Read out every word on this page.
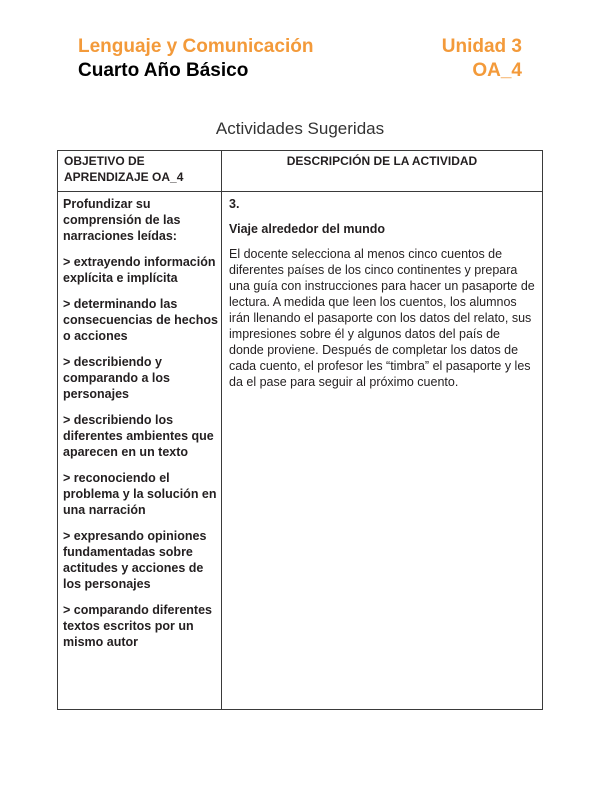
Lenguaje y Comunicación
Cuarto Año Básico
Unidad 3
OA_4
Actividades Sugeridas
OBJETIVO DE APRENDIZAJE OA_4
DESCRIPCIÓN DE LA ACTIVIDAD

Profundizar su comprensión de las narraciones leídas:

> extrayendo información explícita e implícita

> determinando las consecuencias de hechos o acciones

> describiendo y comparando a los personajes

> describiendo los diferentes ambientes que aparecen en un texto

> reconociendo el problema y la solución en una narración

> expresando opiniones fundamentadas sobre actitudes y acciones de los personajes

> comparando diferentes textos escritos por un mismo autor

3.

Viaje alrededor del mundo

El docente selecciona al menos cinco cuentos de diferentes países de los cinco continentes y prepara una guía con instrucciones para hacer un pasaporte de lectura. A medida que leen los cuentos, los alumnos irán llenando el pasaporte con los datos del relato, sus impresiones sobre él y algunos datos del país de donde proviene. Después de completar los datos de cada cuento, el profesor les “timbra” el pasaporte y les da el pase para seguir al próximo cuento.
